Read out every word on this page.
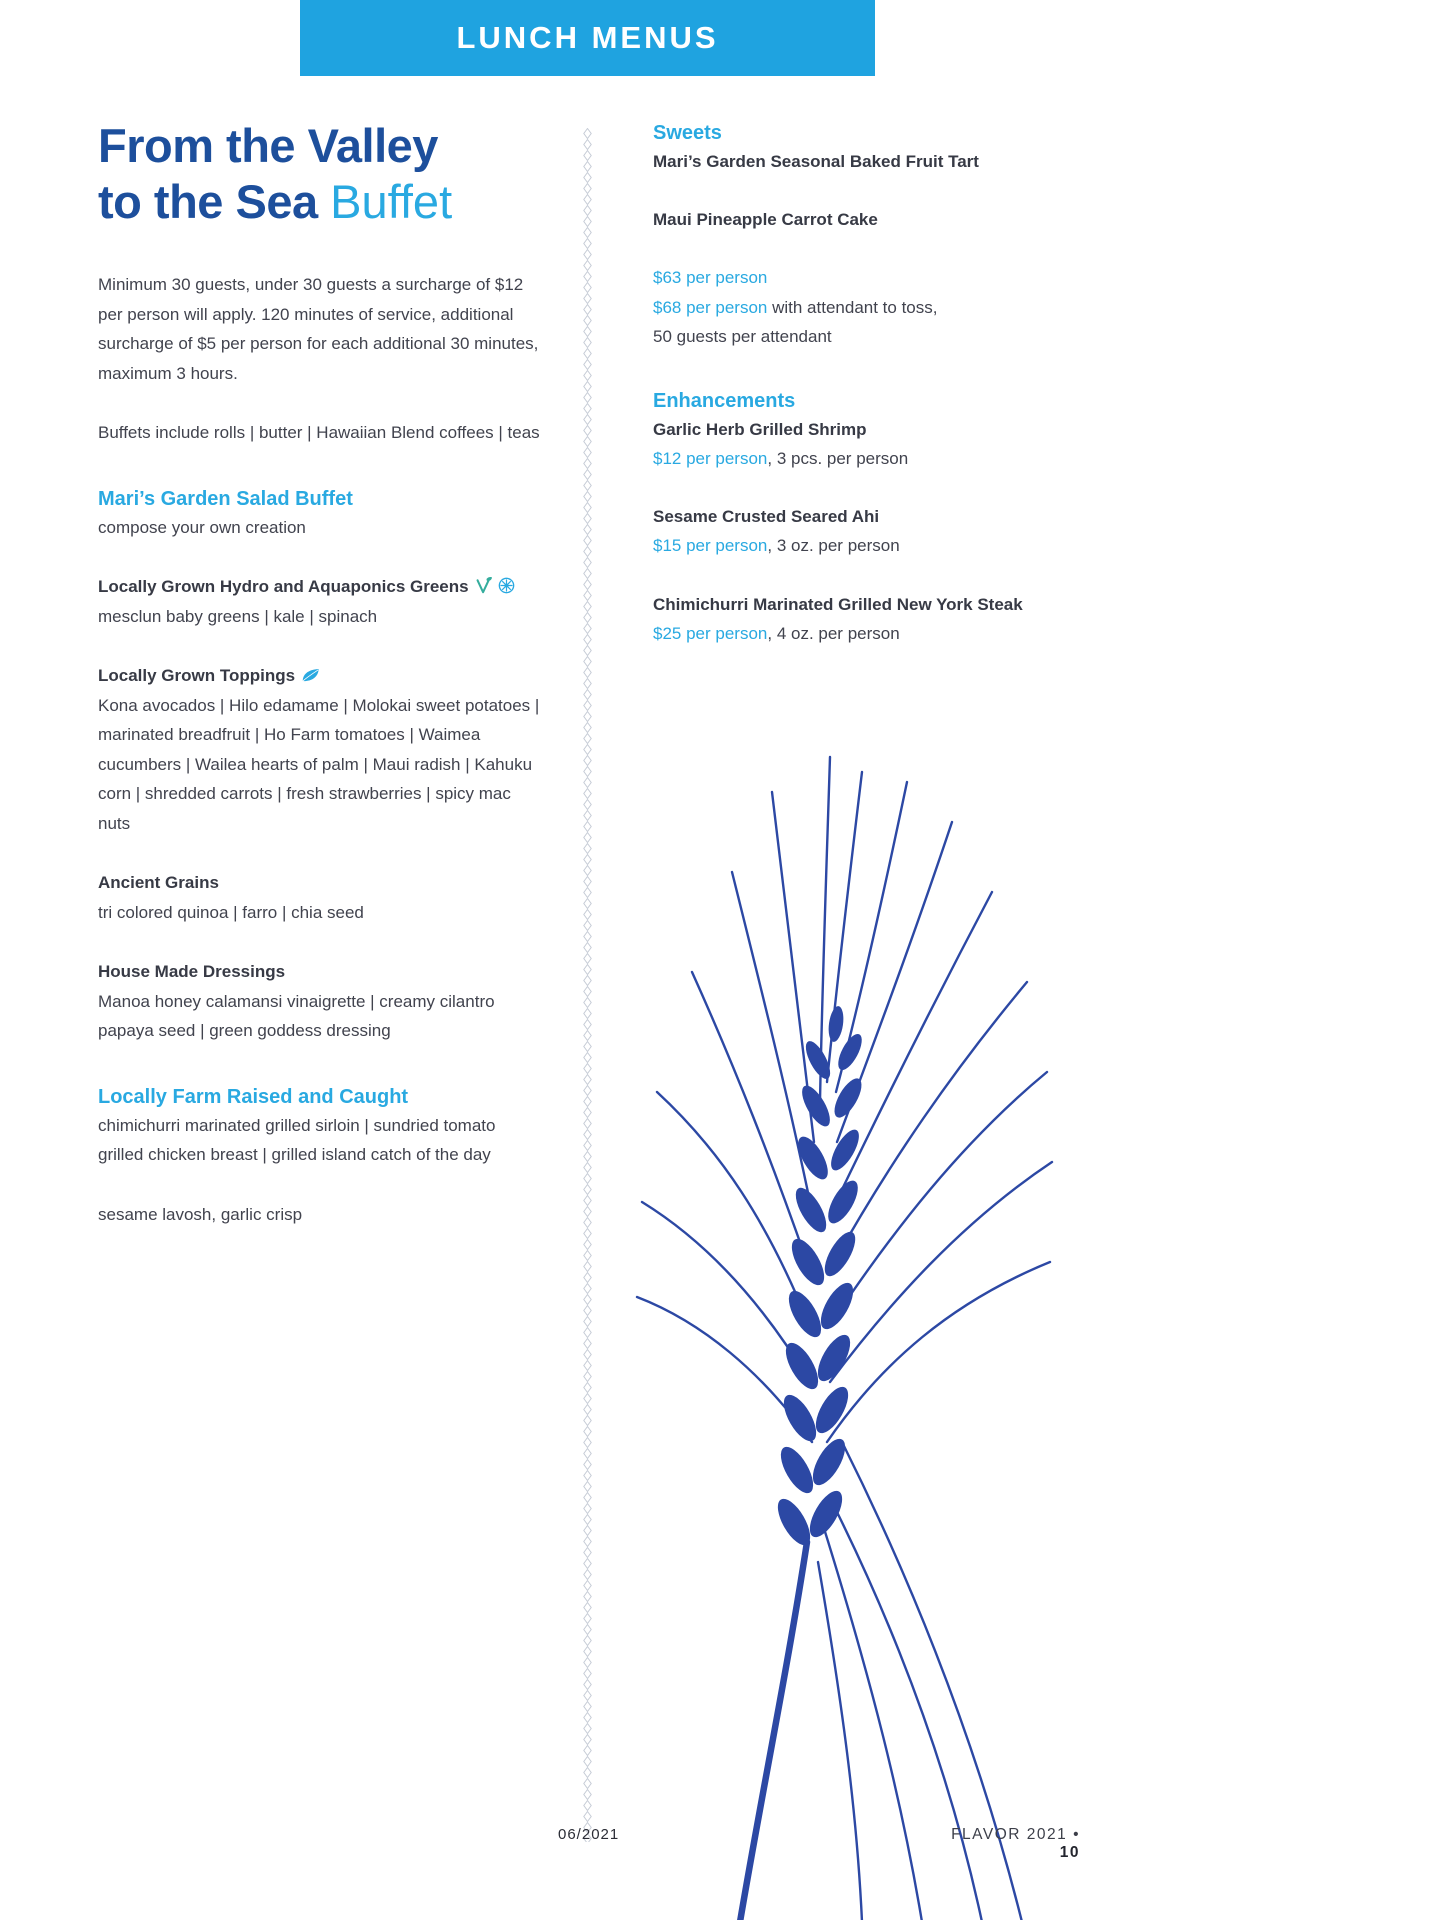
LUNCH MENUS
From the Valley
to the Sea Buffet
Minimum 30 guests, under 30 guests a surcharge of $12 per person will apply. 120 minutes of service, additional surcharge of $5 per person for each additional 30 minutes, maximum 3 hours.
Buffets include rolls | butter | Hawaiian Blend coffees | teas
Mari’s Garden Salad Buffet
compose your own creation
Locally Grown Hydro and Aquaponics Greens
mesclun baby greens | kale | spinach
Locally Grown Toppings
Kona avocados | Hilo edamame | Molokai sweet potatoes | marinated breadfruit | Ho Farm tomatoes | Waimea cucumbers | Wailea hearts of palm | Maui radish | Kahuku corn | shredded carrots | fresh strawberries | spicy mac nuts
Ancient Grains
tri colored quinoa | farro | chia seed
House Made Dressings
Manoa honey calamansi vinaigrette | creamy cilantro papaya seed | green goddess dressing
Locally Farm Raised and Caught
chimichurri marinated grilled sirloin | sundried tomato grilled chicken breast | grilled island catch of the day
sesame lavosh, garlic crisp
Sweets
Mari’s Garden Seasonal Baked Fruit Tart
Maui Pineapple Carrot Cake
$63 per person
$68 per person with attendant to toss,
50 guests per attendant
Enhancements
Garlic Herb Grilled Shrimp
$12 per person, 3 pcs. per person
Sesame Crusted Seared Ahi
$15 per person, 3 oz. per person
Chimichurri Marinated Grilled New York Steak
$25 per person, 4 oz. per person
06/2021	FLAVOR 2021 • 10
